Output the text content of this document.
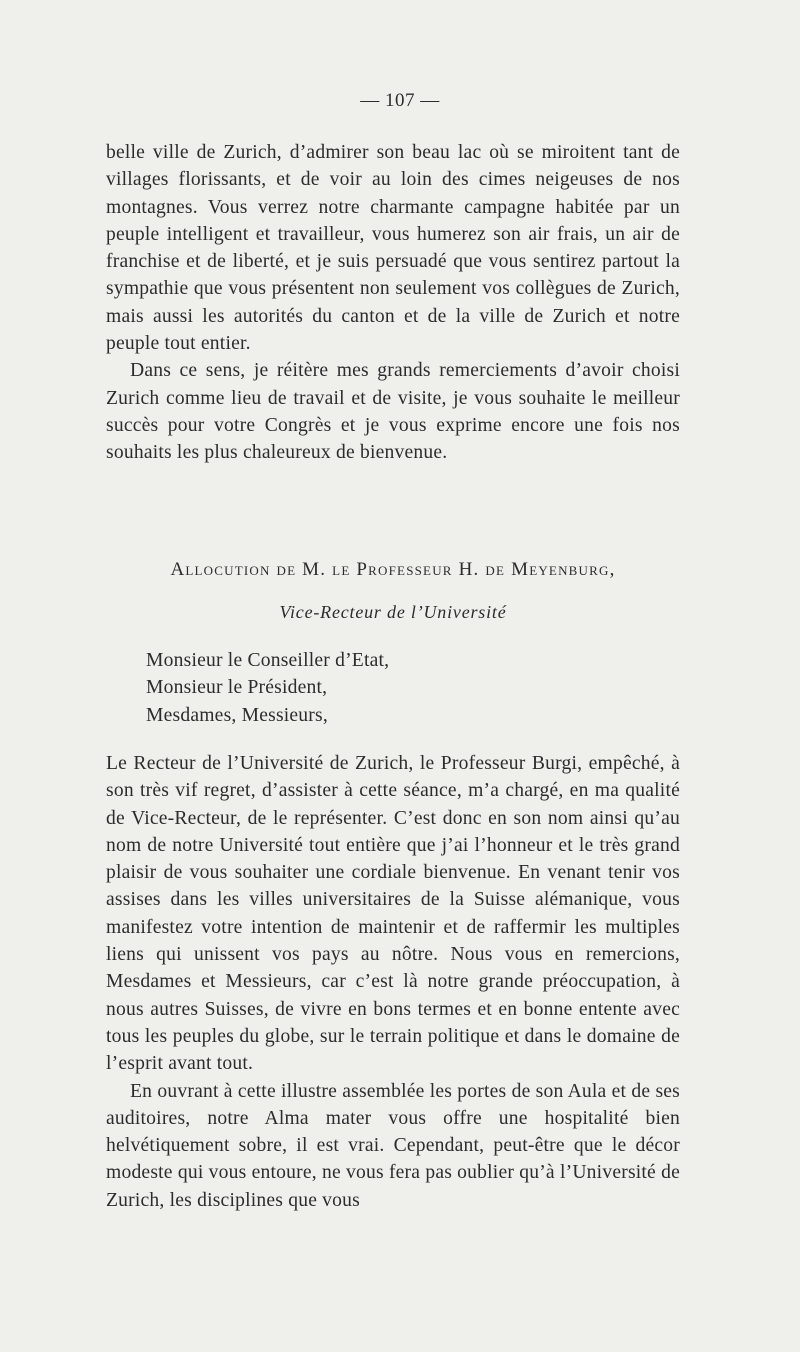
— 107 —

belle ville de Zurich, d’admirer son beau lac où se miroitent tant de villages florissants, et de voir au loin des cimes neigeuses de nos montagnes. Vous verrez notre charmante campagne habitée par un peuple intelligent et travailleur, vous humerez son air frais, un air de franchise et de liberté, et je suis persuadé que vous sentirez partout la sympathie que vous présentent non seulement vos collègues de Zurich, mais aussi les autorités du canton et de la ville de Zurich et notre peuple tout entier.

Dans ce sens, je réitère mes grands remerciements d’avoir choisi Zurich comme lieu de travail et de visite, je vous souhaite le meilleur succès pour votre Congrès et je vous exprime encore une fois nos souhaits les plus chaleureux de bienvenue.

Allocution de M. le Professeur H. de Meyenburg,
Vice-Recteur de l’Université
Monsieur le Conseiller d’Etat,
Monsieur le Président,
Mesdames, Messieurs,

Le Recteur de l’Université de Zurich, le Professeur Burgi, empêché, à son très vif regret, d’assister à cette séance, m’a chargé, en ma qualité de Vice-Recteur, de le représenter. C’est donc en son nom ainsi qu’au nom de notre Université tout entière que j’ai l’honneur et le très grand plaisir de vous souhaiter une cordiale bienvenue. En venant tenir vos assises dans les villes universitaires de la Suisse alémanique, vous manifestez votre intention de maintenir et de raffermir les multiples liens qui unissent vos pays au nôtre. Nous vous en remercions, Mesdames et Messieurs, car c’est là notre grande préoccupation, à nous autres Suisses, de vivre en bons termes et en bonne entente avec tous les peuples du globe, sur le terrain politique et dans le domaine de l’esprit avant tout.

En ouvrant à cette illustre assemblée les portes de son Aula et de ses auditoires, notre Alma mater vous offre une hospitalité bien helvétiquement sobre, il est vrai. Cependant, peut-être que le décor modeste qui vous entoure, ne vous fera pas oublier qu’à l’Université de Zurich, les disciplines que vous
